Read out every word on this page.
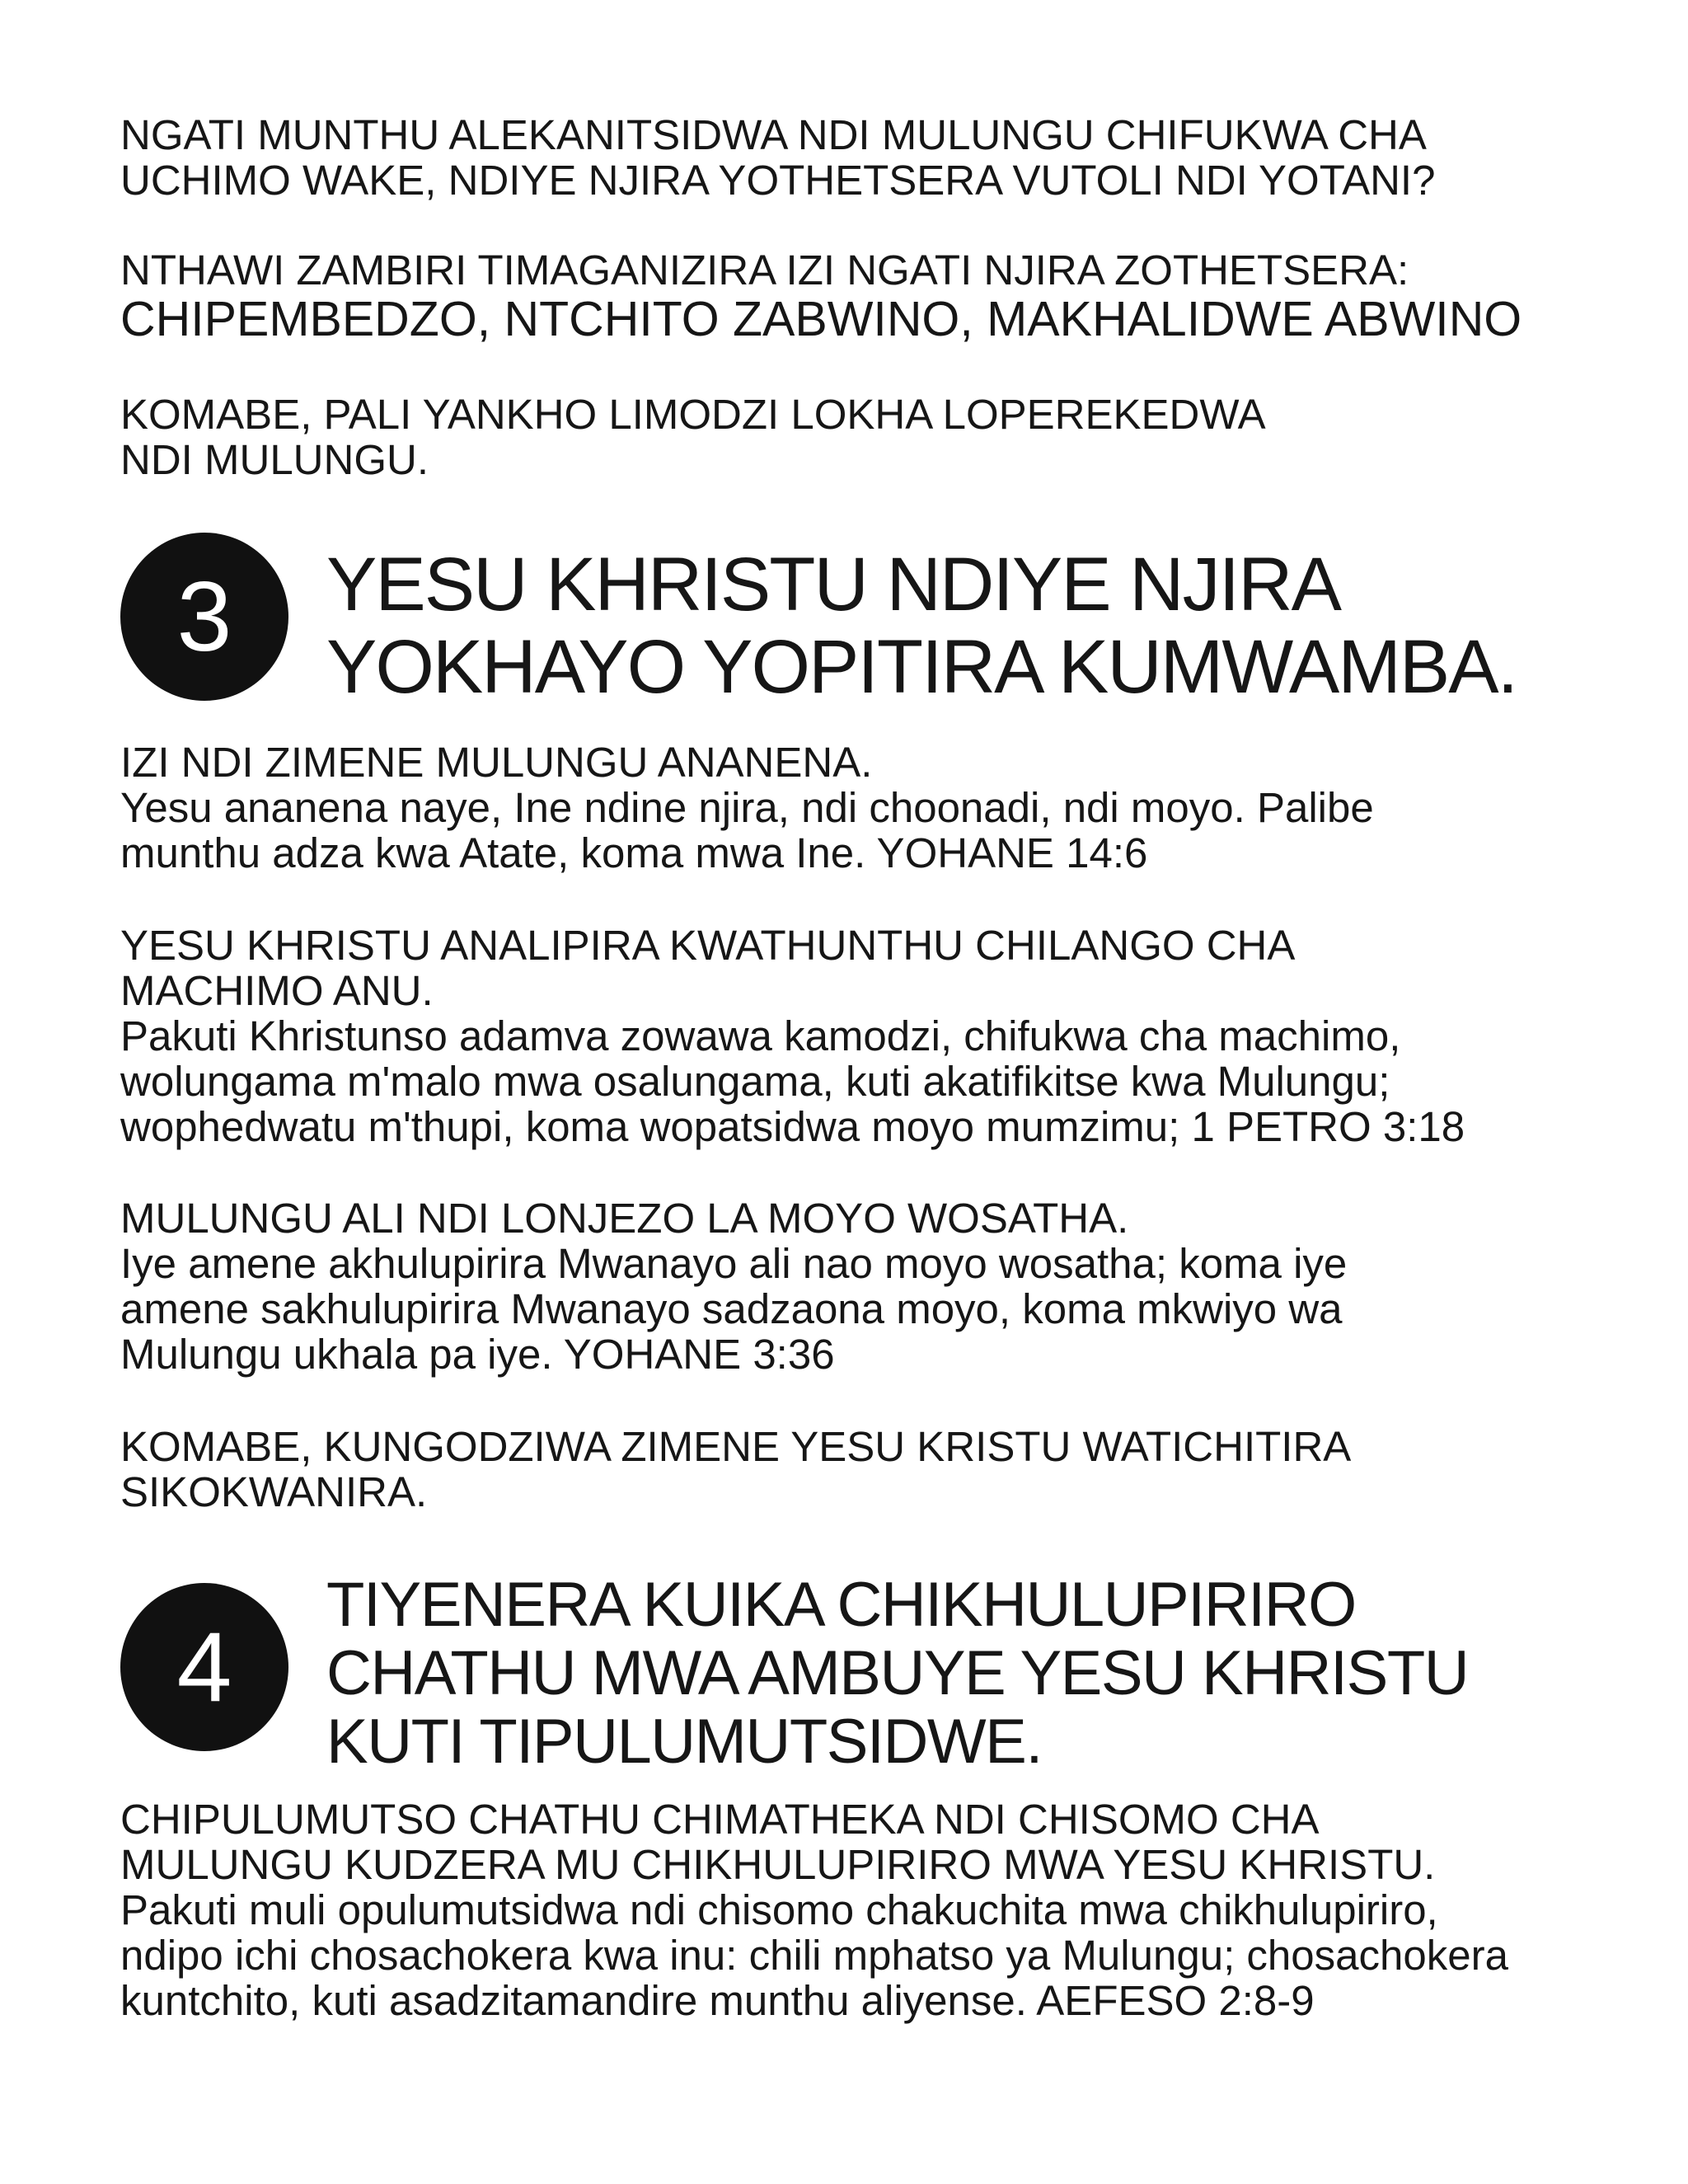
NGATI MUNTHU ALEKANITSIDWA NDI MULUNGU CHIFUKWA CHA
UCHIMO WAKE, NDIYE NJIRA YOTHETSERA VUTOLI NDI YOTANI?
NTHAWI ZAMBIRI TIMAGANIZIRA IZI NGATI NJIRA ZOTHETSERA:
CHIPEMBEDZO, NTCHITO ZABWINO, MAKHALIDWE ABWINO
KOMABE, PALI YANKHO LIMODZI LOKHA LOPEREKEDWA
NDI MULUNGU.
3 YESU KHRISTU NDIYE NJIRA
YOKHAYO YOPITIRA KUMWAMBA.
IZI NDI ZIMENE MULUNGU ANANENA.
Yesu ananena naye, Ine ndine njira, ndi choonadi, ndi moyo. Palibe
munthu adza kwa Atate, koma mwa Ine. YOHANE 14:6
YESU KHRISTU ANALIPIRA KWATHUNTHU CHILANGO CHA
MACHIMO ANU.
Pakuti Khristunso adamva zowawa kamodzi, chifukwa cha machimo,
wolungama m'malo mwa osalungama, kuti akatifikitse kwa Mulungu;
wophedwatu m'thupi, koma wopatsidwa moyo mumzimu; 1 PETRO 3:18
MULUNGU ALI NDI LONJEZO LA MOYO WOSATHA.
Iye amene akhulupirira Mwanayo ali nao moyo wosatha; koma iye
amene sakhulupirira Mwanayo sadzaona moyo, koma mkwiyo wa
Mulungu ukhala pa iye. YOHANE 3:36
KOMABE, KUNGODZIWA ZIMENE YESU KRISTU WATICHITIRA
SIKOKWANIRA.
4
TIYENERA KUIKA CHIKHULUPIRIRO
CHATHU MWA AMBUYE YESU KHRISTU
KUTI TIPULUMUTSIDWE.
CHIPULUMUTSO CHATHU CHIMATHEKA NDI CHISOMO CHA
MULUNGU KUDZERA MU CHIKHULUPIRIRO MWA YESU KHRISTU.
Pakuti muli opulumutsidwa ndi chisomo chakuchita mwa chikhulupiriro,
ndipo ichi chosachokera kwa inu: chili mphatso ya Mulungu; chosachokera
kuntchito, kuti asadzitamandire munthu aliyense. AEFESO 2:8-9
